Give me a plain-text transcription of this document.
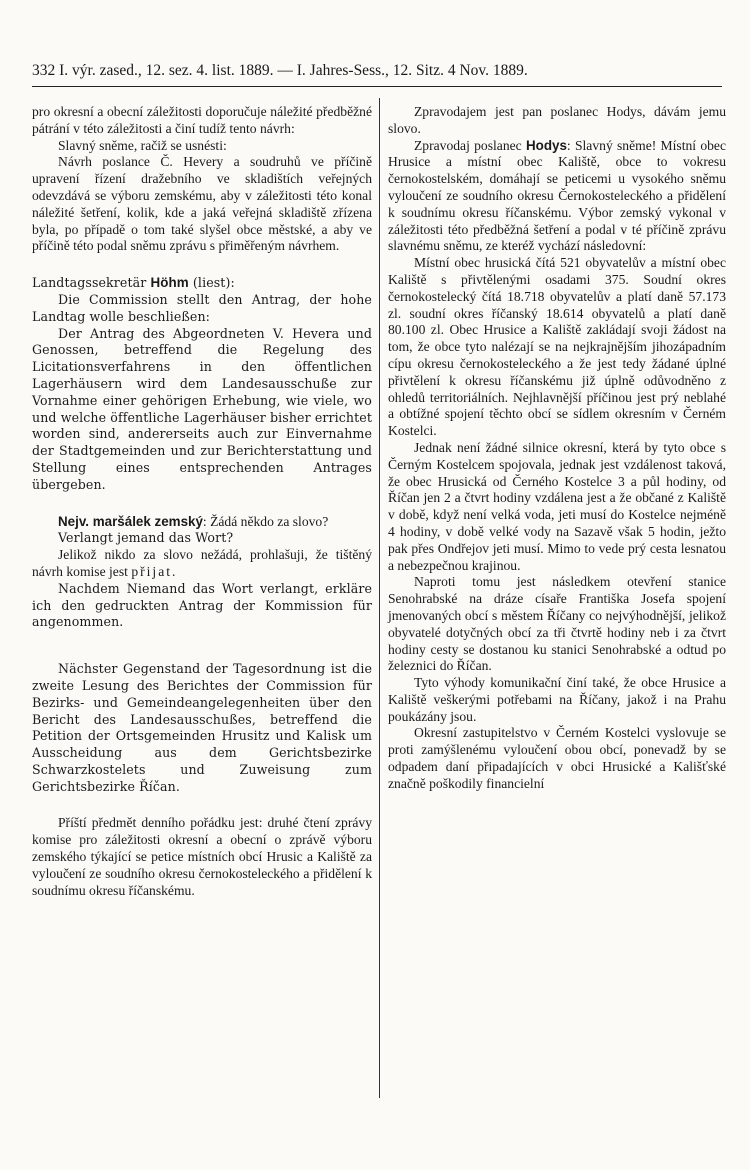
332 I. výr. zased., 12. sez. 4. list. 1889. — I. Jahres-Sess., 12. Sitz. 4 Nov. 1889.

pro okresní a obecní záležitosti doporučuje náležité předběžné pátrání v této záležitosti a činí tudíž tento návrh:

Slavný sněme, račiž se usnésti:

Návrh poslance Č. Hevery a soudruhů ve příčině upravení řízení dražebního ve skladištích veřejných odevzdává se výboru zemskému, aby v záležitosti této konal náležité šetření, kolik, kde a jaká veřejná skladiště zřízena byla, po případě o tom také slyšel obce městské, a aby ve příčině této podal sněmu zprávu s přiměřeným návrhem.

Landtagssekretär Höhm (liest):

Die Commission stellt den Antrag, der hohe Landtag wolle beschließen:

Der Antrag des Abgeordneten V. Hevera und Genossen, betreffend die Regelung des Licitationsverfahrens in den öffentlichen Lagerhäusern wird dem Landesausschuße zur Vornahme einer gehörigen Erhebung, wie viele, wo und welche öffentliche Lagerhäuser bisher errichtet worden sind, andererseits auch zur Einvernahme der Stadtgemeinden und zur Berichterstattung und Stellung eines entsprechenden Antrages übergeben.

Nejv. maršálek zemský: Žádá někdo za slovo?

Verlangt jemand das Wort?

Jelikož nikdo za slovo nežádá, prohlašuji, že tištěný návrh komise jest přijat.

Nachdem Niemand das Wort verlangt, erkläre ich den gedruckten Antrag der Kommission für angenommen.

Nächster Gegenstand der Tagesordnung ist die zweite Lesung des Berichtes der Commission für Bezirks- und Gemeindeangelegenheiten über den Bericht des Landesausschußes, betreffend die Petition der Ortsgemeinden Hrusitz und Kalisk um Ausscheidung aus dem Gerichtsbezirke Schwarzkostelets und Zuweisung zum Gerichtsbezirke Říčan.

Příští předmět denního pořádku jest: druhé čtení zprávy komise pro záležitosti okresní a obecní o zprávě výboru zemského týkající se petice místních obcí Hrusic a Kaliště za vyloučení ze soudního okresu černokosteleckého a přidělení k soudnímu okresu říčanskému.

Zpravodajem jest pan poslanec Hodys, dávám jemu slovo.

Zpravodaj poslanec Hodys: Slavný sněme! Místní obec Hrusice a místní obec Kaliště, obce to vokresu černokostelském, domáhají se peticemi u vysokého sněmu vyloučení ze soudního okresu Černokosteleckého a přidělení k soudnímu okresu říčanskému. Výbor zemský vykonal v záležitosti této předběžná šetření a podal v té příčině zprávu slavnému sněmu, ze kteréž vychází následovní:

Místní obec hrusická čítá 521 obyvatelův a místní obec Kaliště s přivtělenými osadami 375. Soudní okres černokostelecký čítá 18.718 obyvatelův a platí daně 57.173 zl. soudní okres říčanský 18.614 obyvatelů a platí daně 80.100 zl. Obec Hrusice a Kaliště zakládají svoji žádost na tom, že obce tyto nalézají se na nejkrajnějším jihozápadním cípu okresu černokosteleckého a že jest tedy žádané úplné přivtělení k okresu říčanskému již úplně odůvodněno z ohledů territoriálních. Nejhlavnější příčinou jest prý neblahé a obtížné spojení těchto obcí se sídlem okresním v Černém Kostelci.

Jednak není žádné silnice okresní, která by tyto obce s Černým Kostelcem spojovala, jednak jest vzdálenost taková, že obec Hrusická od Černého Kostelce 3 a půl hodiny, od Říčan jen 2 a čtvrt hodiny vzdálena jest a že občané z Kaliště v době, když není velká voda, jeti musí do Kostelce nejméně 4 hodiny, v době velké vody na Sazavě však 5 hodin, ježto pak přes Ondřejov jeti musí. Mimo to vede prý cesta lesnatou a nebezpečnou krajinou.

Naproti tomu jest následkem otevření stanice Senohrabské na dráze císaře Františka Josefa spojení jmenovaných obcí s městem Říčany co nejvýhodnější, jelikož obyvatelé dotyčných obcí za tři čtvrtě hodiny neb i za čtvrt hodiny cesty se dostanou ku stanici Senohrabské a odtud po železnici do Říčan.

Tyto výhody komunikační činí také, že obce Hrusice a Kaliště veškerými potřebami na Říčany, jakož i na Prahu poukázány jsou.

Okresní zastupitelstvo v Černém Kostelci vyslovuje se proti zamýšlenému vyloučení obou obcí, ponevadž by se odpadem daní připadajících v obci Hrusické a Kališťské značně poškodily financielní
